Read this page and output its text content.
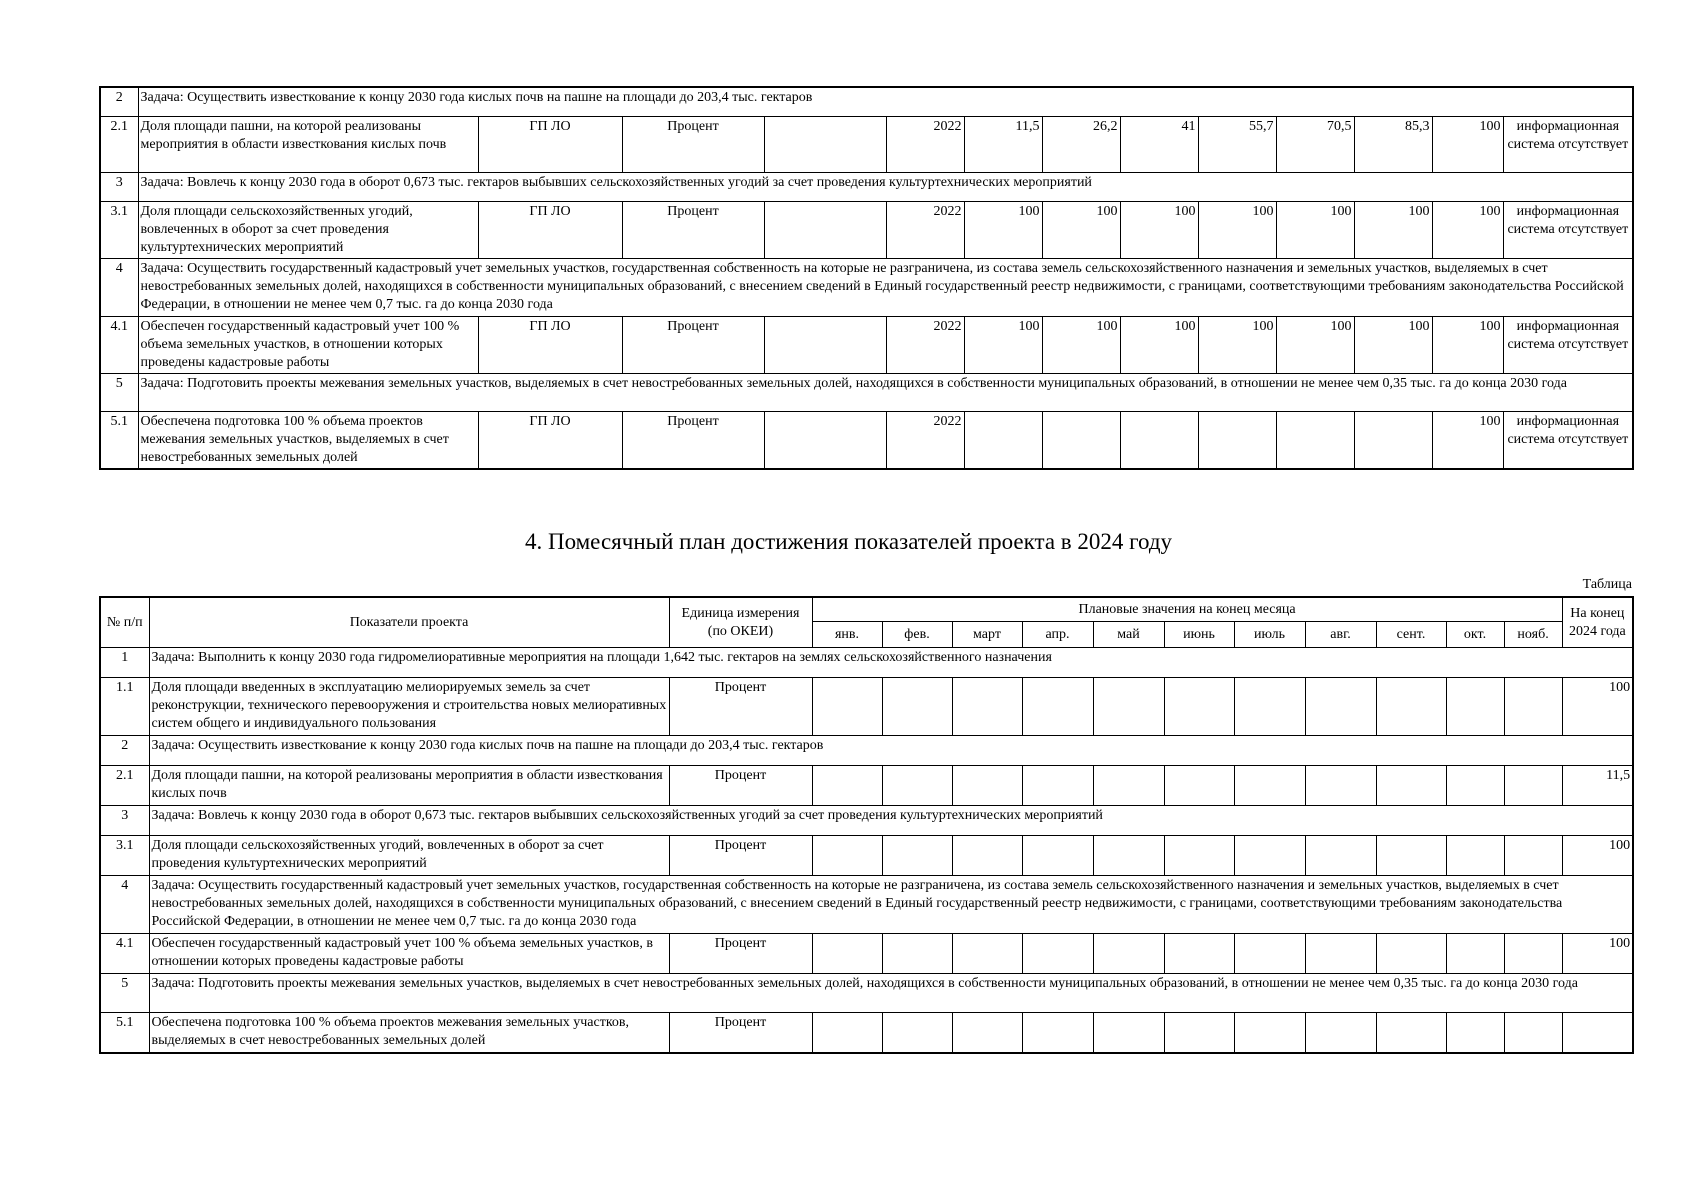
2	Задача: Осуществить известкование к концу 2030 года кислых почв на пашне на площади до 203,4 тыс. гектаров												
2.1	Доля площади пашни, на которой реализованы мероприятия в области известкования кислых почв	ГП ЛО	Процент		2022	11,5	26,2	41	55,7	70,5	85,3	100	информационная система отсутствует
3	Задача: Вовлечь к концу 2030 года в оборот 0,673 тыс. гектаров выбывших сельскохозяйственных угодий за счет проведения культуртехнических мероприятий												
3.1	Доля площади сельскохозяйственных угодий, вовлеченных в оборот за счет проведения культуртехнических мероприятий	ГП ЛО	Процент		2022	100	100	100	100	100	100	100	информационная система отсутствует
4	Задача: Осуществить государственный кадастровый учет земельных участков, государственная собственность на которые не разграничена, из состава земель сельскохозяйственного назначения и земельных участков, выделяемых в счет невостребованных земельных долей, находящихся в собственности муниципальных образований, с внесением сведений в Единый государственный реестр недвижимости, с границами, соответствующими требованиям законодательства Российской Федерации, в отношении не менее чем 0,7 тыс. га до конца 2030 года												
4.1	Обеспечен государственный кадастровый учет 100 % объема земельных участков, в отношении которых проведены кадастровые работы	ГП ЛО	Процент		2022	100	100	100	100	100	100	100	информационная система отсутствует
5	Задача: Подготовить проекты межевания земельных участков, выделяемых в счет невостребованных земельных долей, находящихся в собственности муниципальных образований, в отношении не менее чем 0,35 тыс. га до конца 2030 года												
5.1	Обеспечена подготовка 100 % объема проектов межевания земельных участков, выделяемых в счет невостребованных земельных долей	ГП ЛО	Процент		2022							100	информационная система отсутствует
4. Помесячный план достижения показателей проекта в 2024 году
Таблица
№ п/п	Показатели проекта	Единица измерения (по ОКЕИ)	Плановые значения на конец месяца											На конец 2024 года
			янв.	фев.	март	апр.	май	июнь	июль	авг.	сент.	окт.	нояб.	
1	Задача: Выполнить к концу 2030 года гидромелиоративные мероприятия на площади 1,642 тыс. гектаров на землях сельскохозяйственного назначения													
1.1	Доля площади введенных в эксплуатацию мелиорируемых земель за счет реконструкции, технического перевооружения и строительства новых мелиоративных систем общего и индивидуального пользования	Процент												100
2	Задача: Осуществить известкование к концу 2030 года кислых почв на пашне на площади до 203,4 тыс. гектаров													
2.1	Доля площади пашни, на которой реализованы мероприятия в области известкования кислых почв	Процент												11,5
3	Задача: Вовлечь к концу 2030 года в оборот 0,673 тыс. гектаров выбывших сельскохозяйственных угодий за счет проведения культуртехнических мероприятий													
3.1	Доля площади сельскохозяйственных угодий, вовлеченных в оборот за счет проведения культуртехнических мероприятий	Процент												100
4	Задача: Осуществить государственный кадастровый учет земельных участков, государственная собственность на которые не разграничена, из состава земель сельскохозяйственного назначения и земельных участков, выделяемых в счет невостребованных земельных долей, находящихся в собственности муниципальных образований, с внесением сведений в Единый государственный реестр недвижимости, с границами, соответствующими требованиям законодательства Российской Федерации, в отношении не менее чем 0,7 тыс. га до конца 2030 года													
4.1	Обеспечен государственный кадастровый учет 100 % объема земельных участков, в отношении которых проведены кадастровые работы	Процент												100
5	Задача: Подготовить проекты межевания земельных участков, выделяемых в счет невостребованных земельных долей, находящихся в собственности муниципальных образований, в отношении не менее чем 0,35 тыс. га до конца 2030 года													
5.1	Обеспечена подготовка 100 % объема проектов межевания земельных участков, выделяемых в счет невостребованных земельных долей	Процент												
